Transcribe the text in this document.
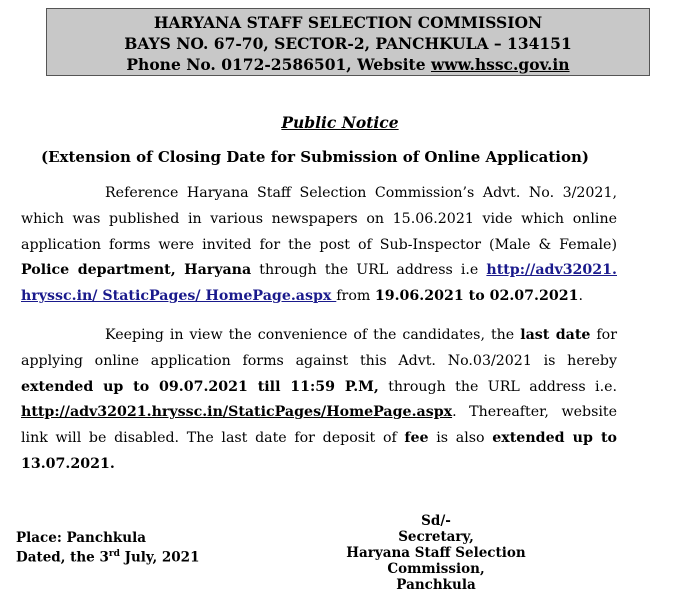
HARYANA STAFF SELECTION COMMISSION
BAYS NO. 67-70, SECTOR-2, PANCHKULA – 134151
Phone No. 0172-2586501, Website www.hssc.gov.in
Public Notice
(Extension of Closing Date for Submission of Online Application)
Reference Haryana Staff Selection Commission’s Advt. No. 3/2021, which was published in various newspapers on 15.06.2021 vide which online application forms were invited for the post of Sub-Inspector (Male & Female) Police department, Haryana through the URL address i.e http://adv32021. hryssc.in/ StaticPages/ HomePage.aspx from 19.06.2021 to 02.07.2021.
Keeping in view the convenience of the candidates, the last date for applying online application forms against this Advt. No.03/2021 is hereby extended up to 09.07.2021 till 11:59 P.M, through the URL address i.e. http://adv32021.hryssc.in/StaticPages/HomePage.aspx. Thereafter, website link will be disabled. The last date for deposit of fee is also extended up to 13.07.2021.
Place: Panchkula
Dated, the 3rd July, 2021
Sd/-
Secretary,
Haryana Staff Selection Commission,
Panchkula
